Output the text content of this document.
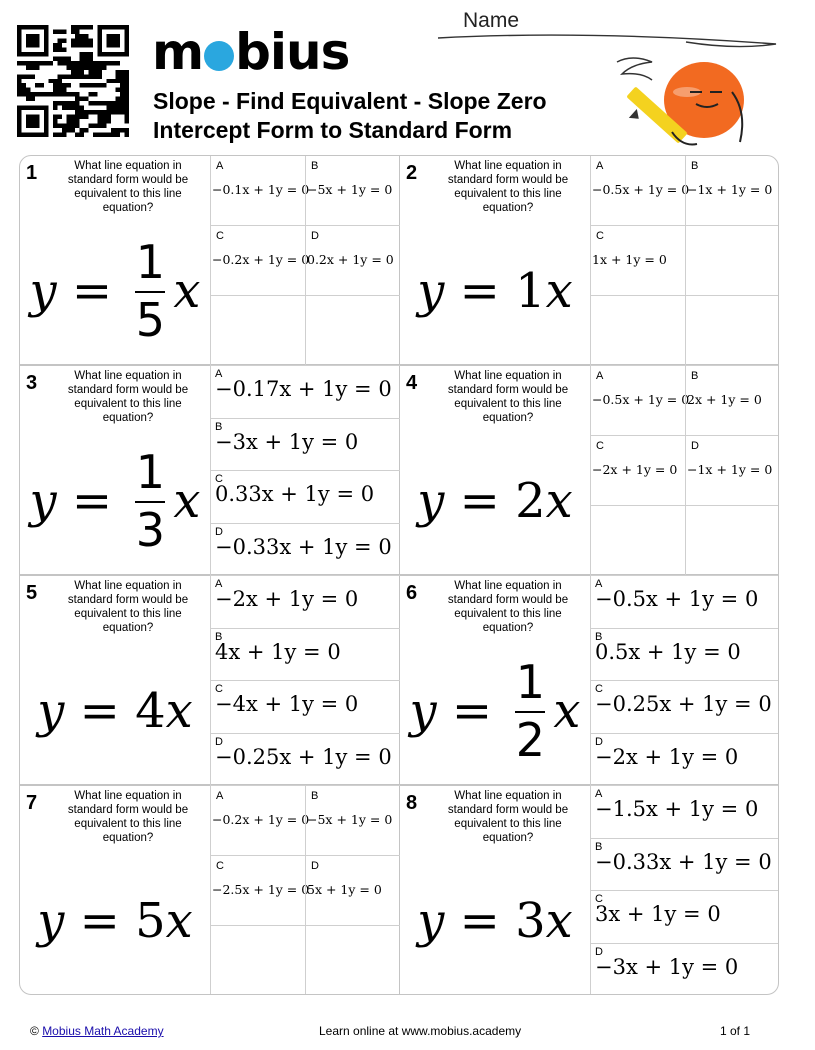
m bius
Slope - Find Equivalent - Slope Zero
Intercept Form to Standard Form
Name
1	What line equation in standard form would be equivalent to this line equation?
$y = \frac{1}{5}$ x
A
−0.1x + 1y = 0
B
−5x + 1y = 0
C
−0.2x + 1y = 0
D
0.2x + 1y = 0
2	What line equation in standard form would be equivalent to this line equation?
y = 1 x
A
−0.5x + 1y = 0
B
−1x + 1y = 0
C
1x + 1y = 0
3	What line equation in standard form would be equivalent to this line equation?
$y = \frac{1}{3}$ x
A
−0.17x + 1y = 0
B
−3x + 1y = 0
C
0.33x + 1y = 0
D
−0.33x + 1y = 0
4	What line equation in standard form would be equivalent to this line equation?
y = 2 x
A
−0.5x + 1y = 0
B
2x + 1y = 0
C
−2x + 1y = 0
D
−1x + 1y = 0
5	What line equation in standard form would be equivalent to this line equation?
y = 4 x
A
−2x + 1y = 0
B
4x + 1y = 0
C
−4x + 1y = 0
D
−0.25x + 1y = 0
6	What line equation in standard form would be equivalent to this line equation?
$y = \frac{1}{2}$ x
A
−0.5x + 1y = 0
B
0.5x + 1y = 0
C
−0.25x + 1y = 0
D
−2x + 1y = 0
7	What line equation in standard form would be equivalent to this line equation?
y = 5 x
A
−0.2x + 1y = 0
B
−5x + 1y = 0
C
−2.5x + 1y = 0
D
5x + 1y = 0
8	What line equation in standard form would be equivalent to this line equation?
y = 3 x
A
−1.5x + 1y = 0
B
−0.33x + 1y = 0
C
3x + 1y = 0
D
−3x + 1y = 0
© Mobius Math Academy	Learn online at www.mobius.academy	1 of 1
